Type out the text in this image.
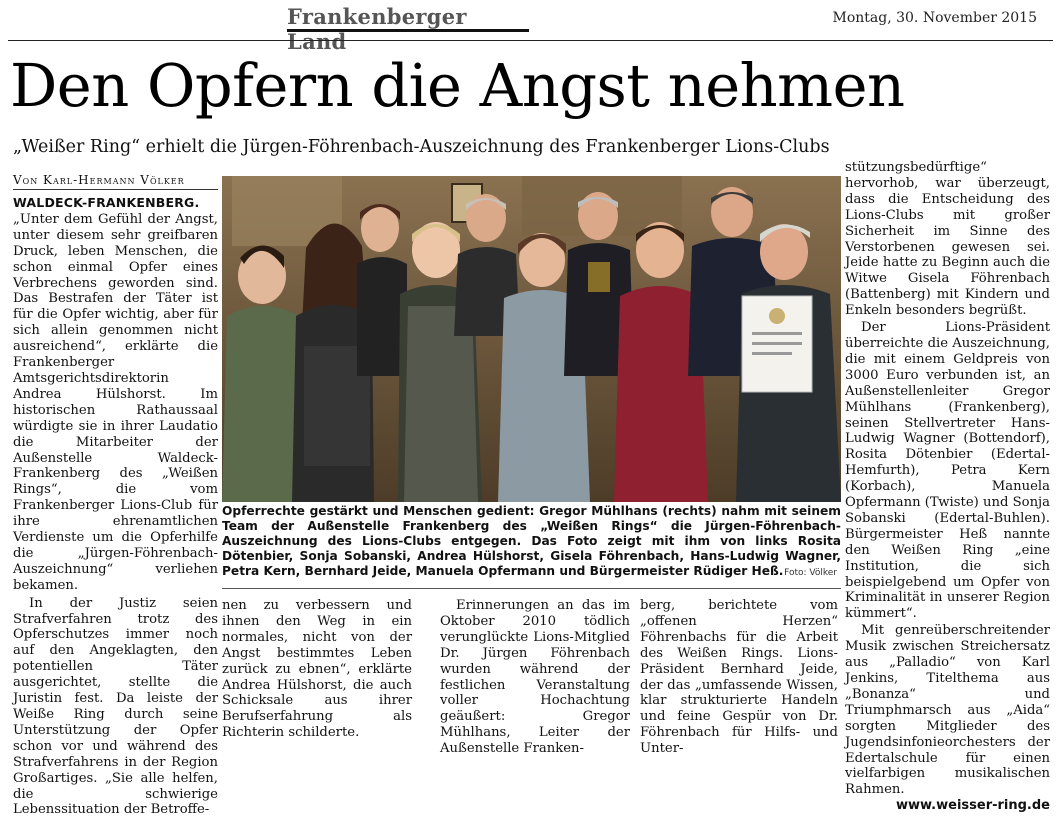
Frankenberger Land
Montag, 30. November 2015
Den Opfern die Angst nehmen
„Weißer Ring“ erhielt die Jürgen-Föhrenbach-Auszeichnung des Frankenberger Lions-Clubs
Von Karl-Hermann Völker

WALDECK-FRANKENBERG.
„Unter dem Gefühl der Angst, unter diesem sehr greifbaren Druck, leben Menschen, die schon einmal Opfer eines Verbrechens geworden sind. Das Bestrafen der Täter ist für die Opfer wichtig, aber für sich allein genommen nicht ausreichend“, erklärte die Frankenberger Amtsgerichtsdirektorin Andrea Hülshorst. Im historischen Rathaussaal würdigte sie in ihrer Laudatio die Mitarbeiter der Außenstelle Waldeck-Frankenberg des „Weißen Rings“, die vom Frankenberger Lions-Club für ihre ehrenamtlichen Verdienste um die Opferhilfe die „Jürgen-Föhrenbach-Auszeichnung“ verliehen bekamen.

In der Justiz seien Strafverfahren trotz des Opferschutzes immer noch auf den Angeklagten, den potentiellen Täter ausgerichtet, stellte die Juristin fest. Da leiste der Weiße Ring durch seine Unterstützung der Opfer schon vor und während des Strafverfahrens in der Region Großartiges. „Sie alle helfen, die schwierige Lebenssituation der Betroffe-

Opferrechte gestärkt und Menschen gedient: Gregor Mühlhans (rechts) nahm mit seinem Team der Außenstelle Frankenberg des „Weißen Rings“ die Jürgen-Föhrenbach-Auszeichnung des Lions-Clubs entgegen. Das Foto zeigt mit ihm von links Rosita Dötenbier, Sonja Sobanski, Andrea Hülshorst, Gisela Föhrenbach, Hans-Ludwig Wagner, Petra Kern, Bernhard Jeide, Manuela Opfermann und Bürgermeister Rüdiger Heß. Foto: Völker

nen zu verbessern und ihnen den Weg in ein normales, nicht von der Angst bestimmtes Leben zurück zu ebnen“, erklärte Andrea Hülshorst, die auch Schicksale aus ihrer Berufserfahrung als Richterin schilderte.

Erinnerungen an das im Oktober 2010 tödlich verunglückte Lions-Mitglied Dr. Jürgen Föhrenbach wurden während der festlichen Veranstaltung voller Hochachtung geäußert: Gregor Mühlhans, Leiter der Außenstelle Franken-

berg, berichtete vom „offenen Herzen“ Föhrenbachs für die Arbeit des Weißen Rings. Lions-Präsident Bernhard Jeide, der das „umfassende Wissen, klar strukturierte Handeln und feine Gespür von Dr. Föhrenbach für Hilfs- und Unter-

stützungsbedürftige“ hervorhob, war überzeugt, dass die Entscheidung des Lions-Clubs mit großer Sicherheit im Sinne des Verstorbenen gewesen sei. Jeide hatte zu Beginn auch die Witwe Gisela Föhrenbach (Battenberg) mit Kindern und Enkeln besonders begrüßt.

Der Lions-Präsident überreichte die Auszeichnung, die mit einem Geldpreis von 3000 Euro verbunden ist, an Außenstellenleiter Gregor Mühlhans (Frankenberg), seinen Stellvertreter Hans-Ludwig Wagner (Bottendorf), Rosita Dötenbier (Edertal-Hemfurth), Petra Kern (Korbach), Manuela Opfermann (Twiste) und Sonja Sobanski (Edertal-Buhlen). Bürgermeister Heß nannte den Weißen Ring „eine Institution, die sich beispielgebend um Opfer von Kriminalität in unserer Region kümmert“.

Mit genreüberschreitender Musik zwischen Streichersatz aus „Palladio“ von Karl Jenkins, Titelthema aus „Bonanza“ und Triumphmarsch aus „Aida“ sorgten Mitglieder des Jugendsinfonieorchesters der Edertalschule für einen vielfarbigen musikalischen Rahmen.

www.weisser-ring.de
